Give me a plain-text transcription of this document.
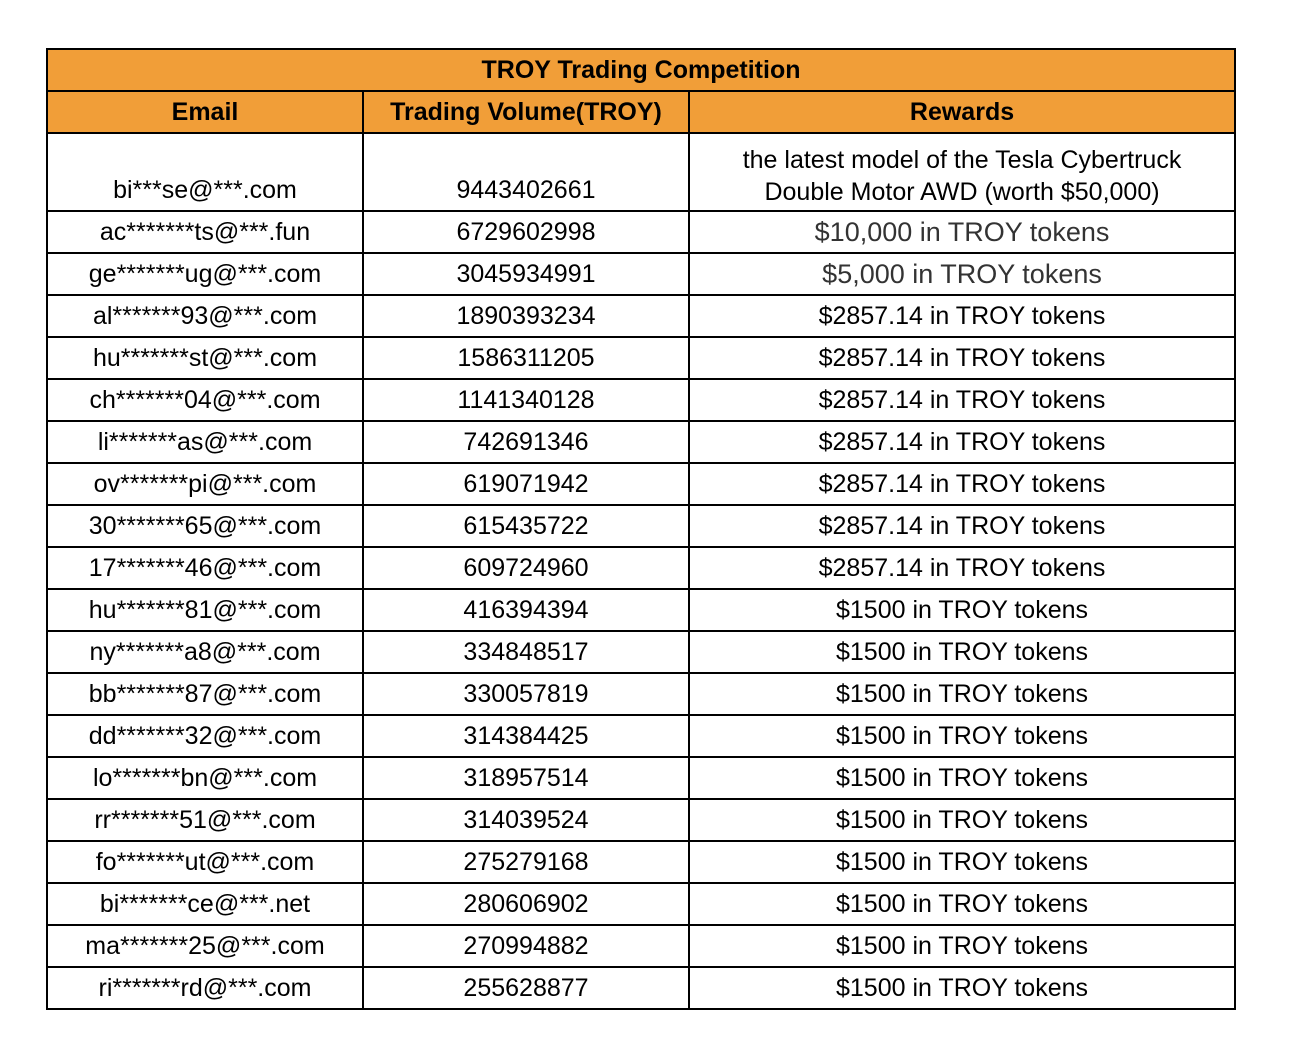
TROY Trading Competition		
Email	Trading Volume(TROY)	Rewards
bi***se@***.com	9443402661	the latest model of the Tesla Cybertruck
Double Motor AWD (worth $50,000)

ac*******ts@***.fun	6729602998	$10,000 in TROY tokens
ge*******ug@***.com	3045934991	$5,000 in TROY tokens
al*******93@***.com	1890393234	$2857.14 in TROY tokens
hu*******st@***.com	1586311205	$2857.14 in TROY tokens
ch*******04@***.com	1141340128	$2857.14 in TROY tokens
li*******as@***.com	742691346	$2857.14 in TROY tokens
ov*******pi@***.com	619071942	$2857.14 in TROY tokens
30*******65@***.com	615435722	$2857.14 in TROY tokens
17*******46@***.com	609724960	$2857.14 in TROY tokens
hu*******81@***.com	416394394	$1500 in TROY tokens
ny*******a8@***.com	334848517	$1500 in TROY tokens
bb*******87@***.com	330057819	$1500 in TROY tokens
dd*******32@***.com	314384425	$1500 in TROY tokens
lo*******bn@***.com	318957514	$1500 in TROY tokens
rr*******51@***.com	314039524	$1500 in TROY tokens
fo*******ut@***.com	275279168	$1500 in TROY tokens
bi*******ce@***.net	280606902	$1500 in TROY tokens
ma*******25@***.com	270994882	$1500 in TROY tokens
ri*******rd@***.com	255628877	$1500 in TROY tokens
